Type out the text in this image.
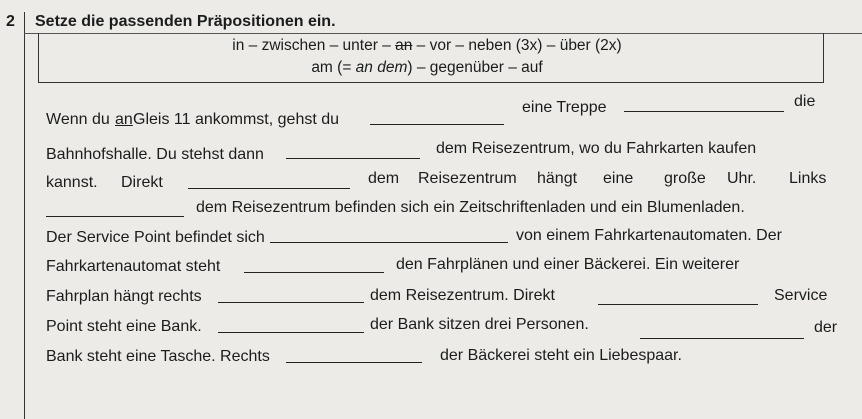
2 Setze die passenden Präpositionen ein.
in – zwischen – unter – an – vor – neben (3x) – über (2x)
am (= an dem) – gegenüber – auf
Wenn du an Gleis 11 ankommst, gehst du
eine Treppe	die
Bahnhofshalle. Du stehst dann	dem Reisezentrum, wo du Fahrkarten kaufen
kannst. Direkt	dem Reisezentrum hängt eine große Uhr. Links
dem Reisezentrum befinden sich ein Zeitschriftenladen und ein Blumenladen.
Der Service Point befindet sich	von einem Fahrkartenautomaten. Der
Fahrkartenautomat steht	den Fahrplänen und einer Bäckerei. Ein weiterer
Fahrplan hängt rechts	dem Reisezentrum. Direkt	Service
Point steht eine Bank.	der Bank sitzen drei Personen.	der
Bank steht eine Tasche. Rechts	der Bäckerei steht ein Liebespaar.
